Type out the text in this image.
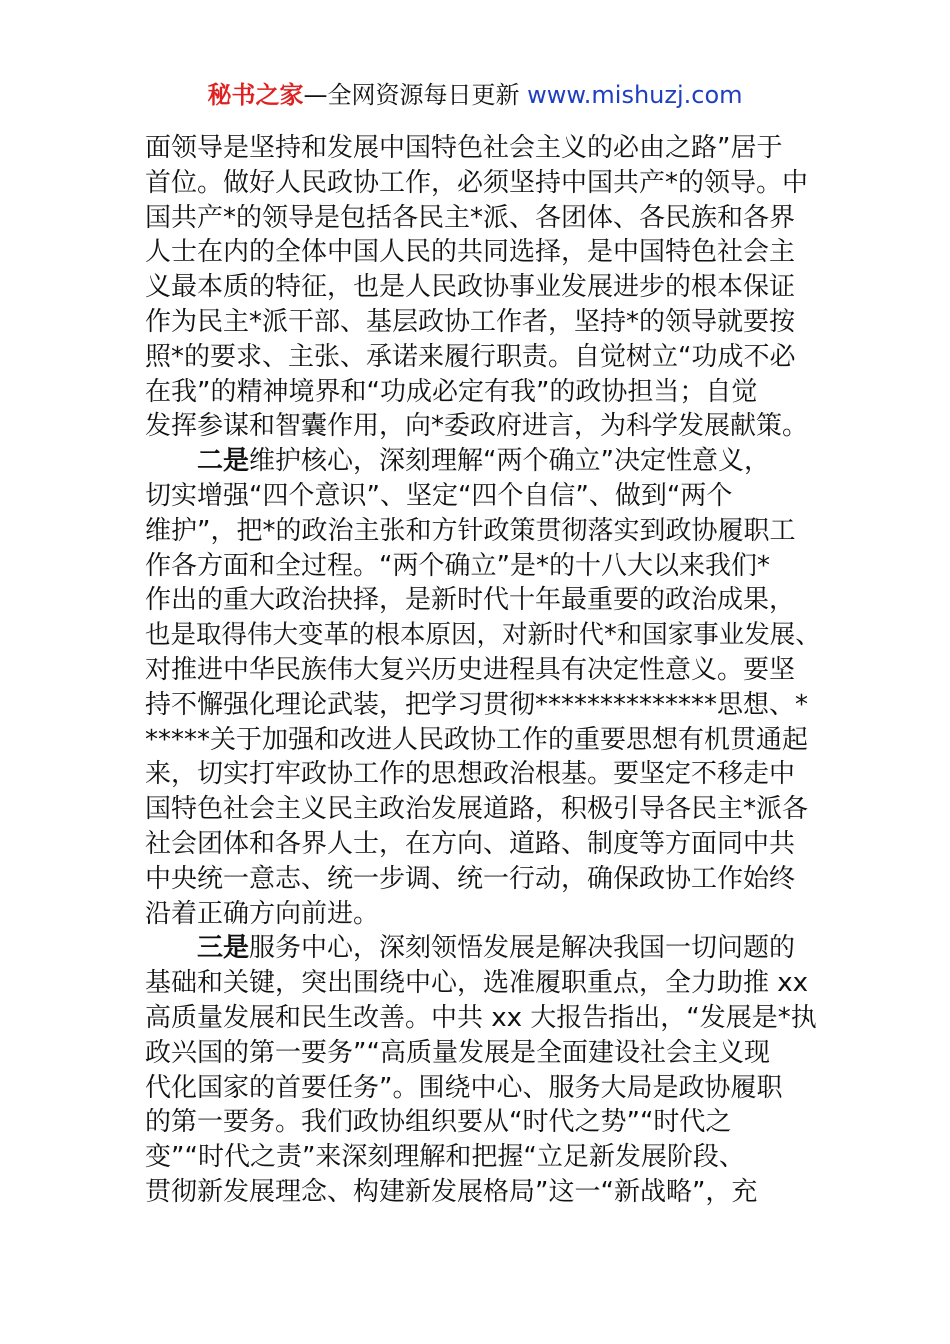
秘书之家—全网资源每日更新 www.mishuzj.com
面领导是坚持和发展中国特色社会主义的必由之路”居于
首位。做好人民政协工作，必须坚持中国共产*的领导。中
国共产*的领导是包括各民主*派、各团体、各民族和各界
人士在内的全体中国人民的共同选择，是中国特色社会主
义最本质的特征，也是人民政协事业发展进步的根本保证
作为民主*派干部、基层政协工作者，坚持*的领导就要按
照*的要求、主张、承诺来履行职责。自觉树立“功成不必
在我”的精神境界和“功成必定有我”的政协担当；自觉
发挥参谋和智囊作用，向*委政府进言，为科学发展献策。
二是维护核心，深刻理解“两个确立”决定性意义，
切实增强“四个意识”、坚定“四个自信”、做到“两个
维护”，把*的政治主张和方针政策贯彻落实到政协履职工
作各方面和全过程。“两个确立”是*的十八大以来我们*
作出的重大政治抉择，是新时代十年最重要的政治成果，
也是取得伟大变革的根本原因，对新时代*和国家事业发展、
对推进中华民族伟大复兴历史进程具有决定性意义。要坚
持不懈强化理论武装，把学习贯彻**************思想、*
*****关于加强和改进人民政协工作的重要思想有机贯通起
来，切实打牢政协工作的思想政治根基。要坚定不移走中
国特色社会主义民主政治发展道路，积极引导各民主*派各
社会团体和各界人士，在方向、道路、制度等方面同中共
中央统一意志、统一步调、统一行动，确保政协工作始终
沿着正确方向前进。
三是服务中心，深刻领悟发展是解决我国一切问题的
基础和关键，突出围绕中心，选准履职重点，全力助推 xx
高质量发展和民生改善。中共 xx 大报告指出，“发展是*执
政兴国的第一要务”“高质量发展是全面建设社会主义现
代化国家的首要任务”。围绕中心、服务大局是政协履职
的第一要务。我们政协组织要从“时代之势”“时代之
变”“时代之责”来深刻理解和把握“立足新发展阶段、
贯彻新发展理念、构建新发展格局”这一“新战略”，充
